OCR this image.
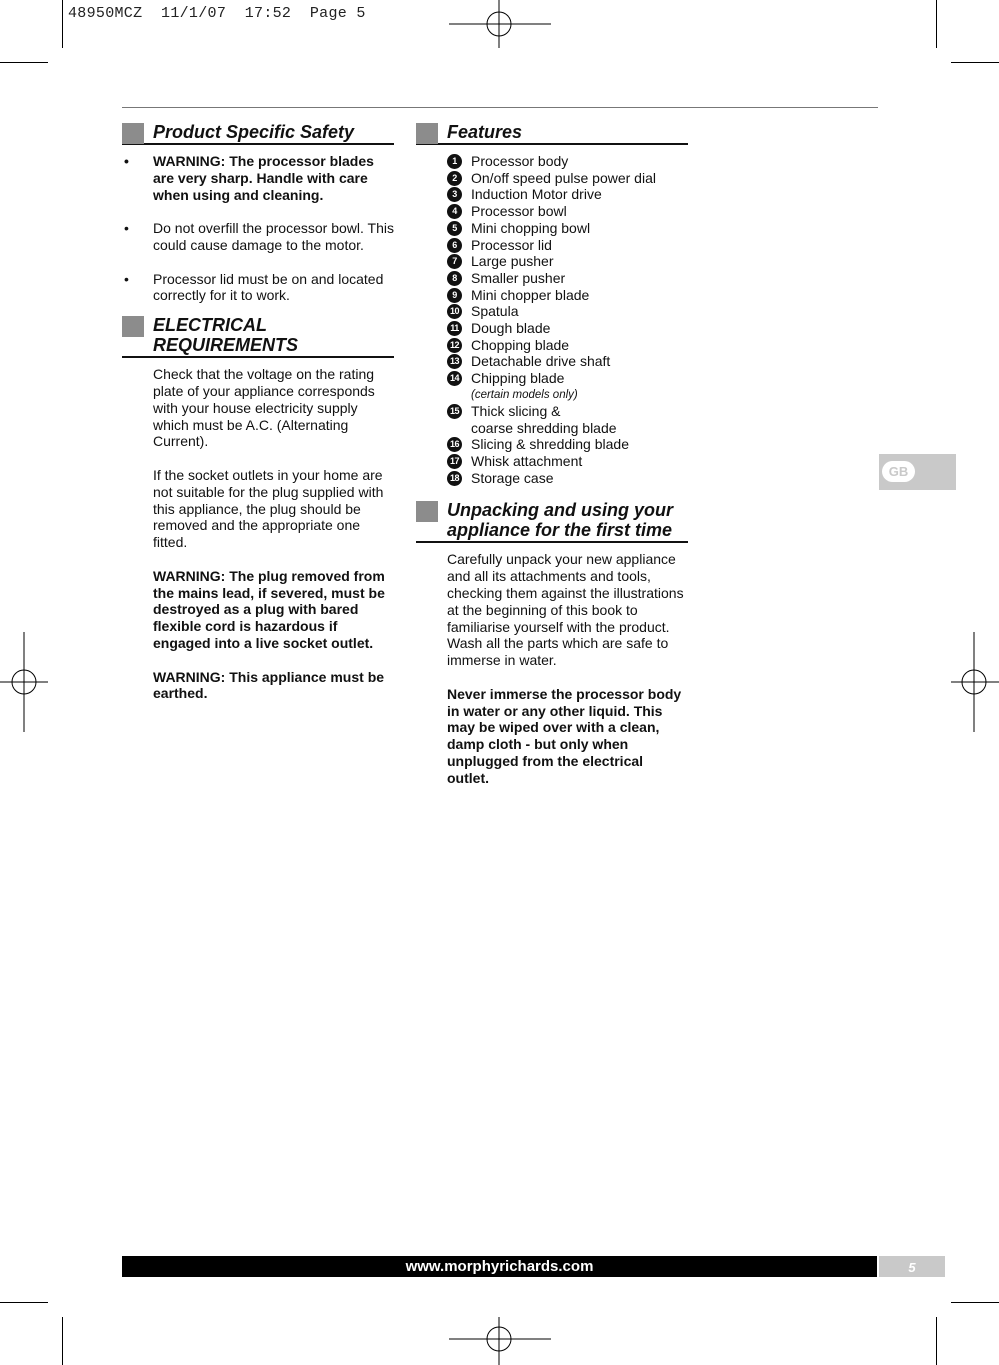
48950MCZ  11/1/07  17:52  Page 5
Product Specific Safety
• WARNING: The processor blades are very sharp. Handle with care when using and cleaning.
• Do not overfill the processor bowl. This could cause damage to the motor.
• Processor lid must be on and located correctly for it to work.
ELECTRICAL
REQUIREMENTS

Check that the voltage on the rating plate of your appliance corresponds with your house electricity supply which must be A.C. (Alternating Current).

If the socket outlets in your home are not suitable for the plug supplied with this appliance, the plug should be removed and the appropriate one fitted.

WARNING: The plug removed from the mains lead, if severed, must be destroyed as a plug with bared flexible cord is hazardous if engaged into a live socket outlet.

WARNING: This appliance must be earthed.

Features
1	Processor body
2	On/off speed pulse power dial
3	Induction Motor drive
4	Processor bowl
5	Mini chopping bowl
6	Processor lid
7	Large pusher
8	Smaller pusher
9	Mini chopper blade
10 Spatula
11 Dough blade
12 Chopping blade
13 Detachable drive shaft
14 Chipping blade
(certain models only)
15 Thick slicing &
coarse shredding blade
16 Slicing & shredding blade
17 Whisk attachment
18 Storage case
Unpacking and using your
appliance for the first time

Carefully unpack your new appliance and all its attachments and tools, checking them against the illustrations at the beginning of this book to familiarise yourself with the product. Wash all the parts which are safe to immerse in water.

Never immerse the processor body in water or any other liquid. This may be wiped over with a clean, damp cloth - but only when unplugged from the electrical outlet.

GB
www.morphyrichards.com	5
